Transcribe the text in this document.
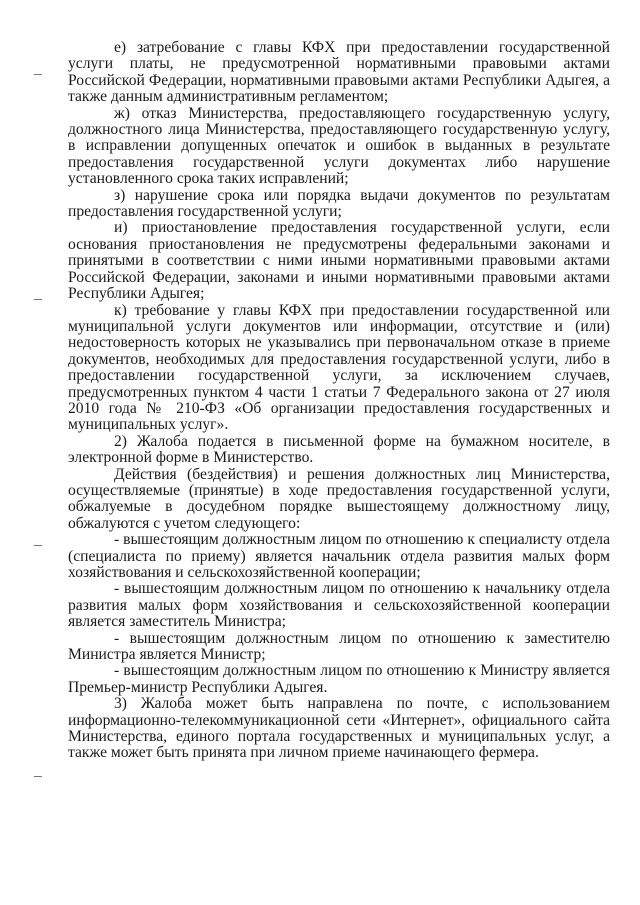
е) затребование с главы КФХ при предоставлении государственной услуги платы, не предусмотренной нормативными правовыми актами Российской Федерации, нормативными правовыми актами Республики Адыгея, а также данным административным регламентом;

ж) отказ Министерства, предоставляющего государственную услугу, должностного лица Министерства, предоставляющего государственную услугу, в исправлении допущенных опечаток и ошибок в выданных в результате предоставления государственной услуги документах либо нарушение установленного срока таких исправлений;

з) нарушение срока или порядка выдачи документов по результатам предоставления государственной услуги;

и) приостановление предоставления государственной услуги, если основания приостановления не предусмотрены федеральными законами и принятыми в соответствии с ними иными нормативными правовыми актами Российской Федерации, законами и иными нормативными правовыми актами Республики Адыгея;

к) требование у главы КФХ при предоставлении государственной или муниципальной услуги документов или информации, отсутствие и (или) недостоверность которых не указывались при первоначальном отказе в приеме документов, необходимых для предоставления государственной услуги, либо в предоставлении государственной услуги, за исключением случаев, предусмотренных пунктом 4 части 1 статьи 7 Федерального закона от 27 июля 2010 года № 210-ФЗ «Об организации предоставления государственных и муниципальных услуг».

2) Жалоба подается в письменной форме на бумажном носителе, в электронной форме в Министерство.

Действия (бездействия) и решения должностных лиц Министерства, осуществляемые (принятые) в ходе предоставления государственной услуги, обжалуемые в досудебном порядке вышестоящему должностному лицу, обжалуются с учетом следующего:

- вышестоящим должностным лицом по отношению к специалисту отдела (специалиста по приему) является начальник отдела развития малых форм хозяйствования и сельскохозяйственной кооперации;

- вышестоящим должностным лицом по отношению к начальнику отдела развития малых форм хозяйствования и сельскохозяйственной кооперации является заместитель Министра;

- вышестоящим должностным лицом по отношению к заместителю Министра является Министр;

- вышестоящим должностным лицом по отношению к Министру является Премьер-министр Республики Адыгея.

3) Жалоба может быть направлена по почте, с использованием информационно-телекоммуникационной сети «Интернет», официального сайта Министерства, единого портала государственных и муниципальных услуг, а также может быть принята при личном приеме начинающего фермера.
